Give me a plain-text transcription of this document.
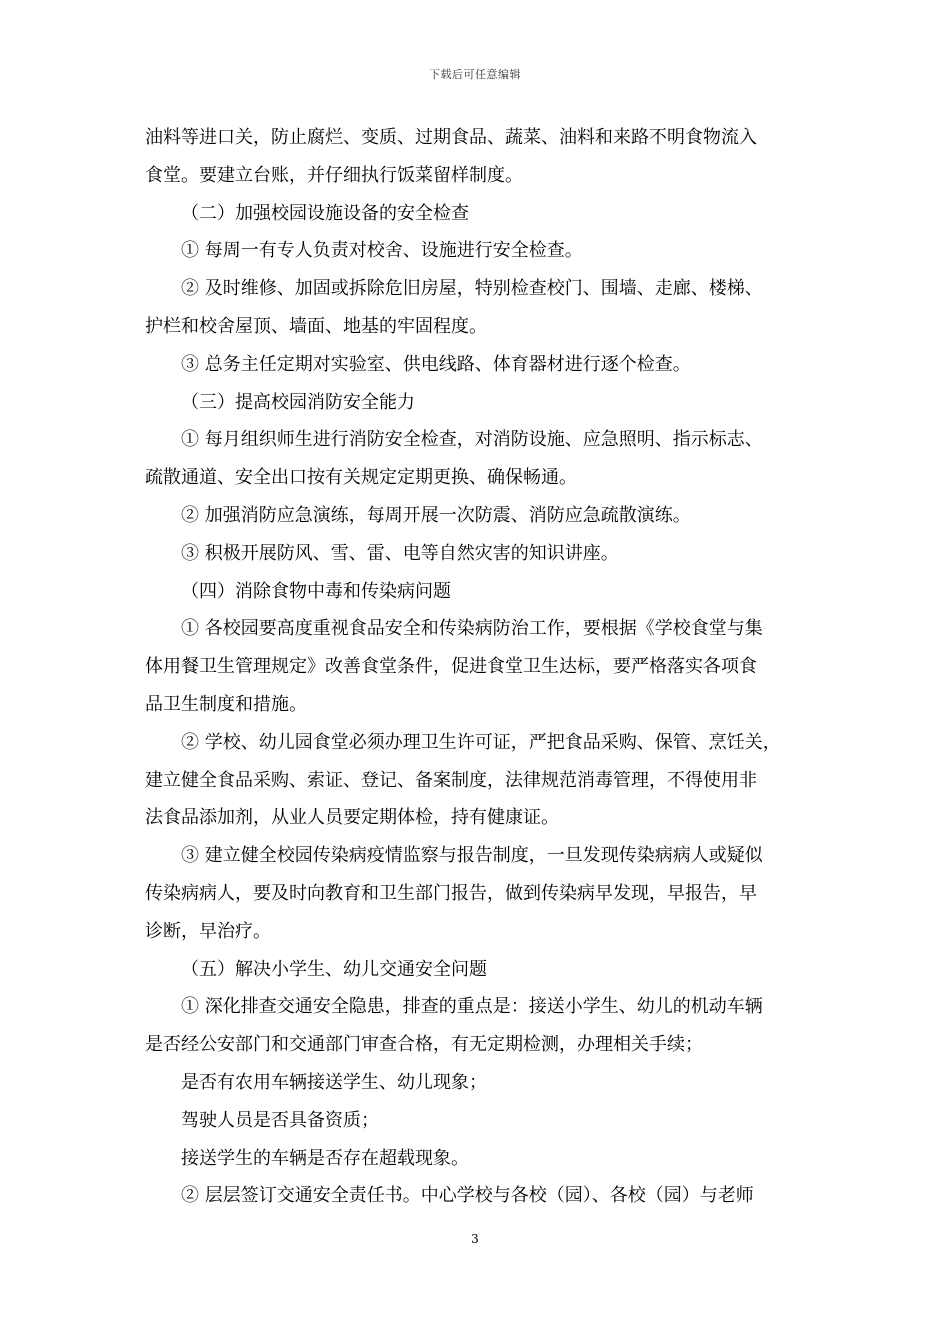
下载后可任意编辑

油料等进口关，防止腐烂、变质、过期食品、蔬菜、油料和来路不明食物流入
食堂。要建立台账，并仔细执行饭菜留样制度。

（二）加强校园设施设备的安全检查

① 每周一有专人负责对校舍、设施进行安全检查。

② 及时维修、加固或拆除危旧房屋，特别检查校门、围墙、走廊、楼梯、

护栏和校舍屋顶、墙面、地基的牢固程度。

③ 总务主任定期对实验室、供电线路、体育器材进行逐个检查。

（三）提高校园消防安全能力

① 每月组织师生进行消防安全检查，对消防设施、应急照明、指示标志、

疏散通道、安全出口按有关规定定期更换、确保畅通。

② 加强消防应急演练，每周开展一次防震、消防应急疏散演练。

③ 积极开展防风、雪、雷、电等自然灾害的知识讲座。

（四）消除食物中毒和传染病问题

① 各校园要高度重视食品安全和传染病防治工作，要根据《学校食堂与集

体用餐卫生管理规定》改善食堂条件，促进食堂卫生达标，要严格落实各项食
品卫生制度和措施。

② 学校、幼儿园食堂必须办理卫生许可证，严把食品采购、保管、烹饪关，

建立健全食品采购、索证、登记、备案制度，法律规范消毒管理，不得使用非
法食品添加剂，从业人员要定期体检，持有健康证。

③ 建立健全校园传染病疫情监察与报告制度，一旦发现传染病病人或疑似

传染病病人，要及时向教育和卫生部门报告，做到传染病早发现，早报告，早
诊断，早治疗。

（五）解决小学生、幼儿交通安全问题

① 深化排查交通安全隐患，排查的重点是：接送小学生、幼儿的机动车辆

是否经公安部门和交通部门审查合格，有无定期检测，办理相关手续；

是否有农用车辆接送学生、幼儿现象；

驾驶人员是否具备资质；

接送学生的车辆是否存在超载现象。

② 层层签订交通安全责任书。中心学校与各校（园）、各校（园）与老师

3
